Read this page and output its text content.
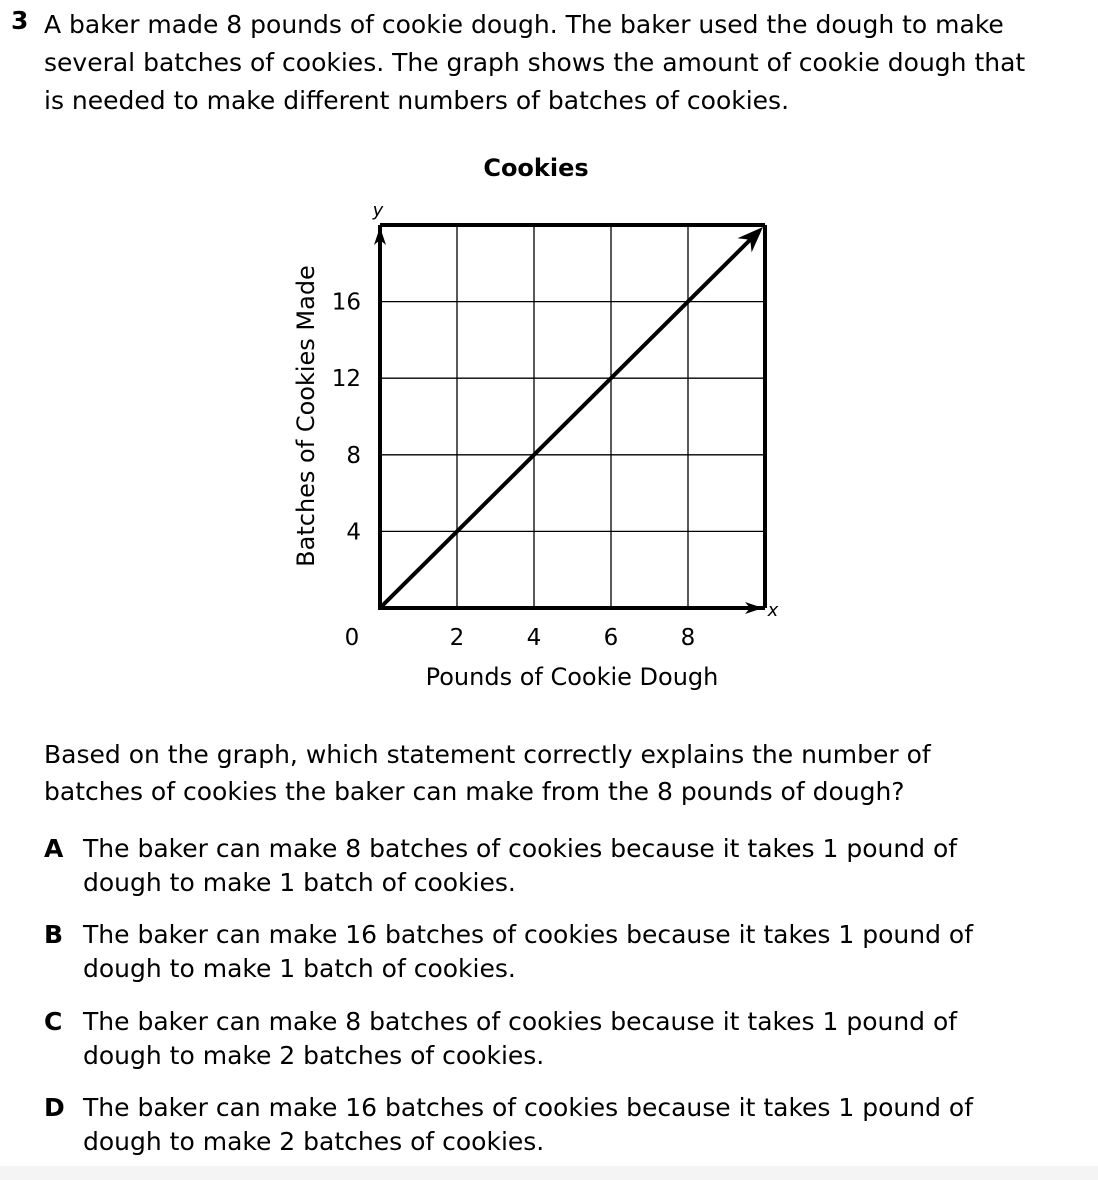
3 A baker made 8 pounds of cookie dough. The baker used the dough to make
several batches of cookies. The graph shows the amount of cookie dough that
is needed to make different numbers of batches of cookies.
Cookies
2	4	6	8
4
8
12
16
y
x
0
Pounds of Cookie Dough
Batches of Cookies Made
Based on the graph, which statement correctly explains the number of
batches of cookies the baker can make from the 8 pounds of dough?
A The baker can make 8 batches of cookies because it takes 1 pound of
dough to make 1 batch of cookies.
B The baker can make 16 batches of cookies because it takes 1 pound of
dough to make 1 batch of cookies.
C The baker can make 8 batches of cookies because it takes 1 pound of
dough to make 2 batches of cookies.
D The baker can make 16 batches of cookies because it takes 1 pound of
dough to make 2 batches of cookies.
